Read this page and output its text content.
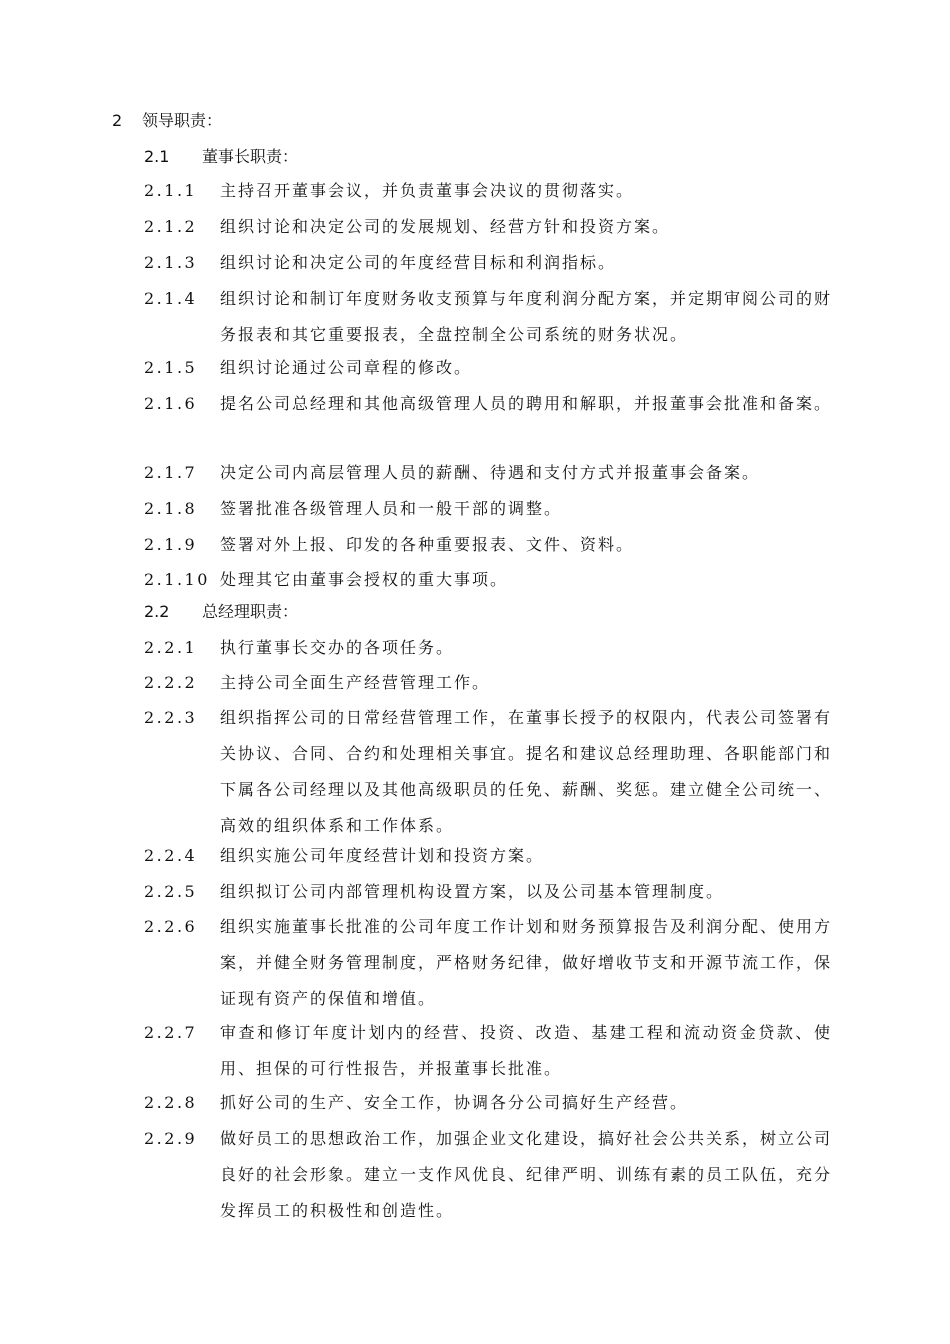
2 领导职责：
2.1 董事长职责：
2.1.1	主持召开董事会议，并负责董事会决议的贯彻落实。
2.1.2	组织讨论和决定公司的发展规划、经营方针和投资方案。
2.1.3	组织讨论和决定公司的年度经营目标和利润指标。
2.1.4	组织讨论和制订年度财务收支预算与年度利润分配方案，并定期审阅公司的财务报表和其它重要报表，全盘控制全公司系统的财务状况。
2.1.5	组织讨论通过公司章程的修改。
2.1.6	提名公司总经理和其他高级管理人员的聘用和解职，并报董事会批准和备案。
2.1.7	决定公司内高层管理人员的薪酬、待遇和支付方式并报董事会备案。
2.1.8	签署批准各级管理人员和一般干部的调整。
2.1.9	签署对外上报、印发的各种重要报表、文件、资料。
2.1.10 处理其它由董事会授权的重大事项。
2.2 总经理职责：
2.2.1	执行董事长交办的各项任务。
2.2.2	主持公司全面生产经营管理工作。
2.2.3	组织指挥公司的日常经营管理工作，在董事长授予的权限内，代表公司签署有关协议、合同、合约和处理相关事宜。提名和建议总经理助理、各职能部门和下属各公司经理以及其他高级职员的任免、薪酬、奖惩。建立健全公司统一、高效的组织体系和工作体系。
2.2.4	组织实施公司年度经营计划和投资方案。
2.2.5	组织拟订公司内部管理机构设置方案，以及公司基本管理制度。
2.2.6	组织实施董事长批准的公司年度工作计划和财务预算报告及利润分配、使用方案，并健全财务管理制度，严格财务纪律，做好增收节支和开源节流工作，保证现有资产的保值和增值。
2.2.7	审查和修订年度计划内的经营、投资、改造、基建工程和流动资金贷款、使用、担保的可行性报告，并报董事长批准。
2.2.8	抓好公司的生产、安全工作，协调各分公司搞好生产经营。
2.2.9	做好员工的思想政治工作，加强企业文化建设，搞好社会公共关系，树立公司良好的社会形象。建立一支作风优良、纪律严明、训练有素的员工队伍，充分发挥员工的积极性和创造性。
